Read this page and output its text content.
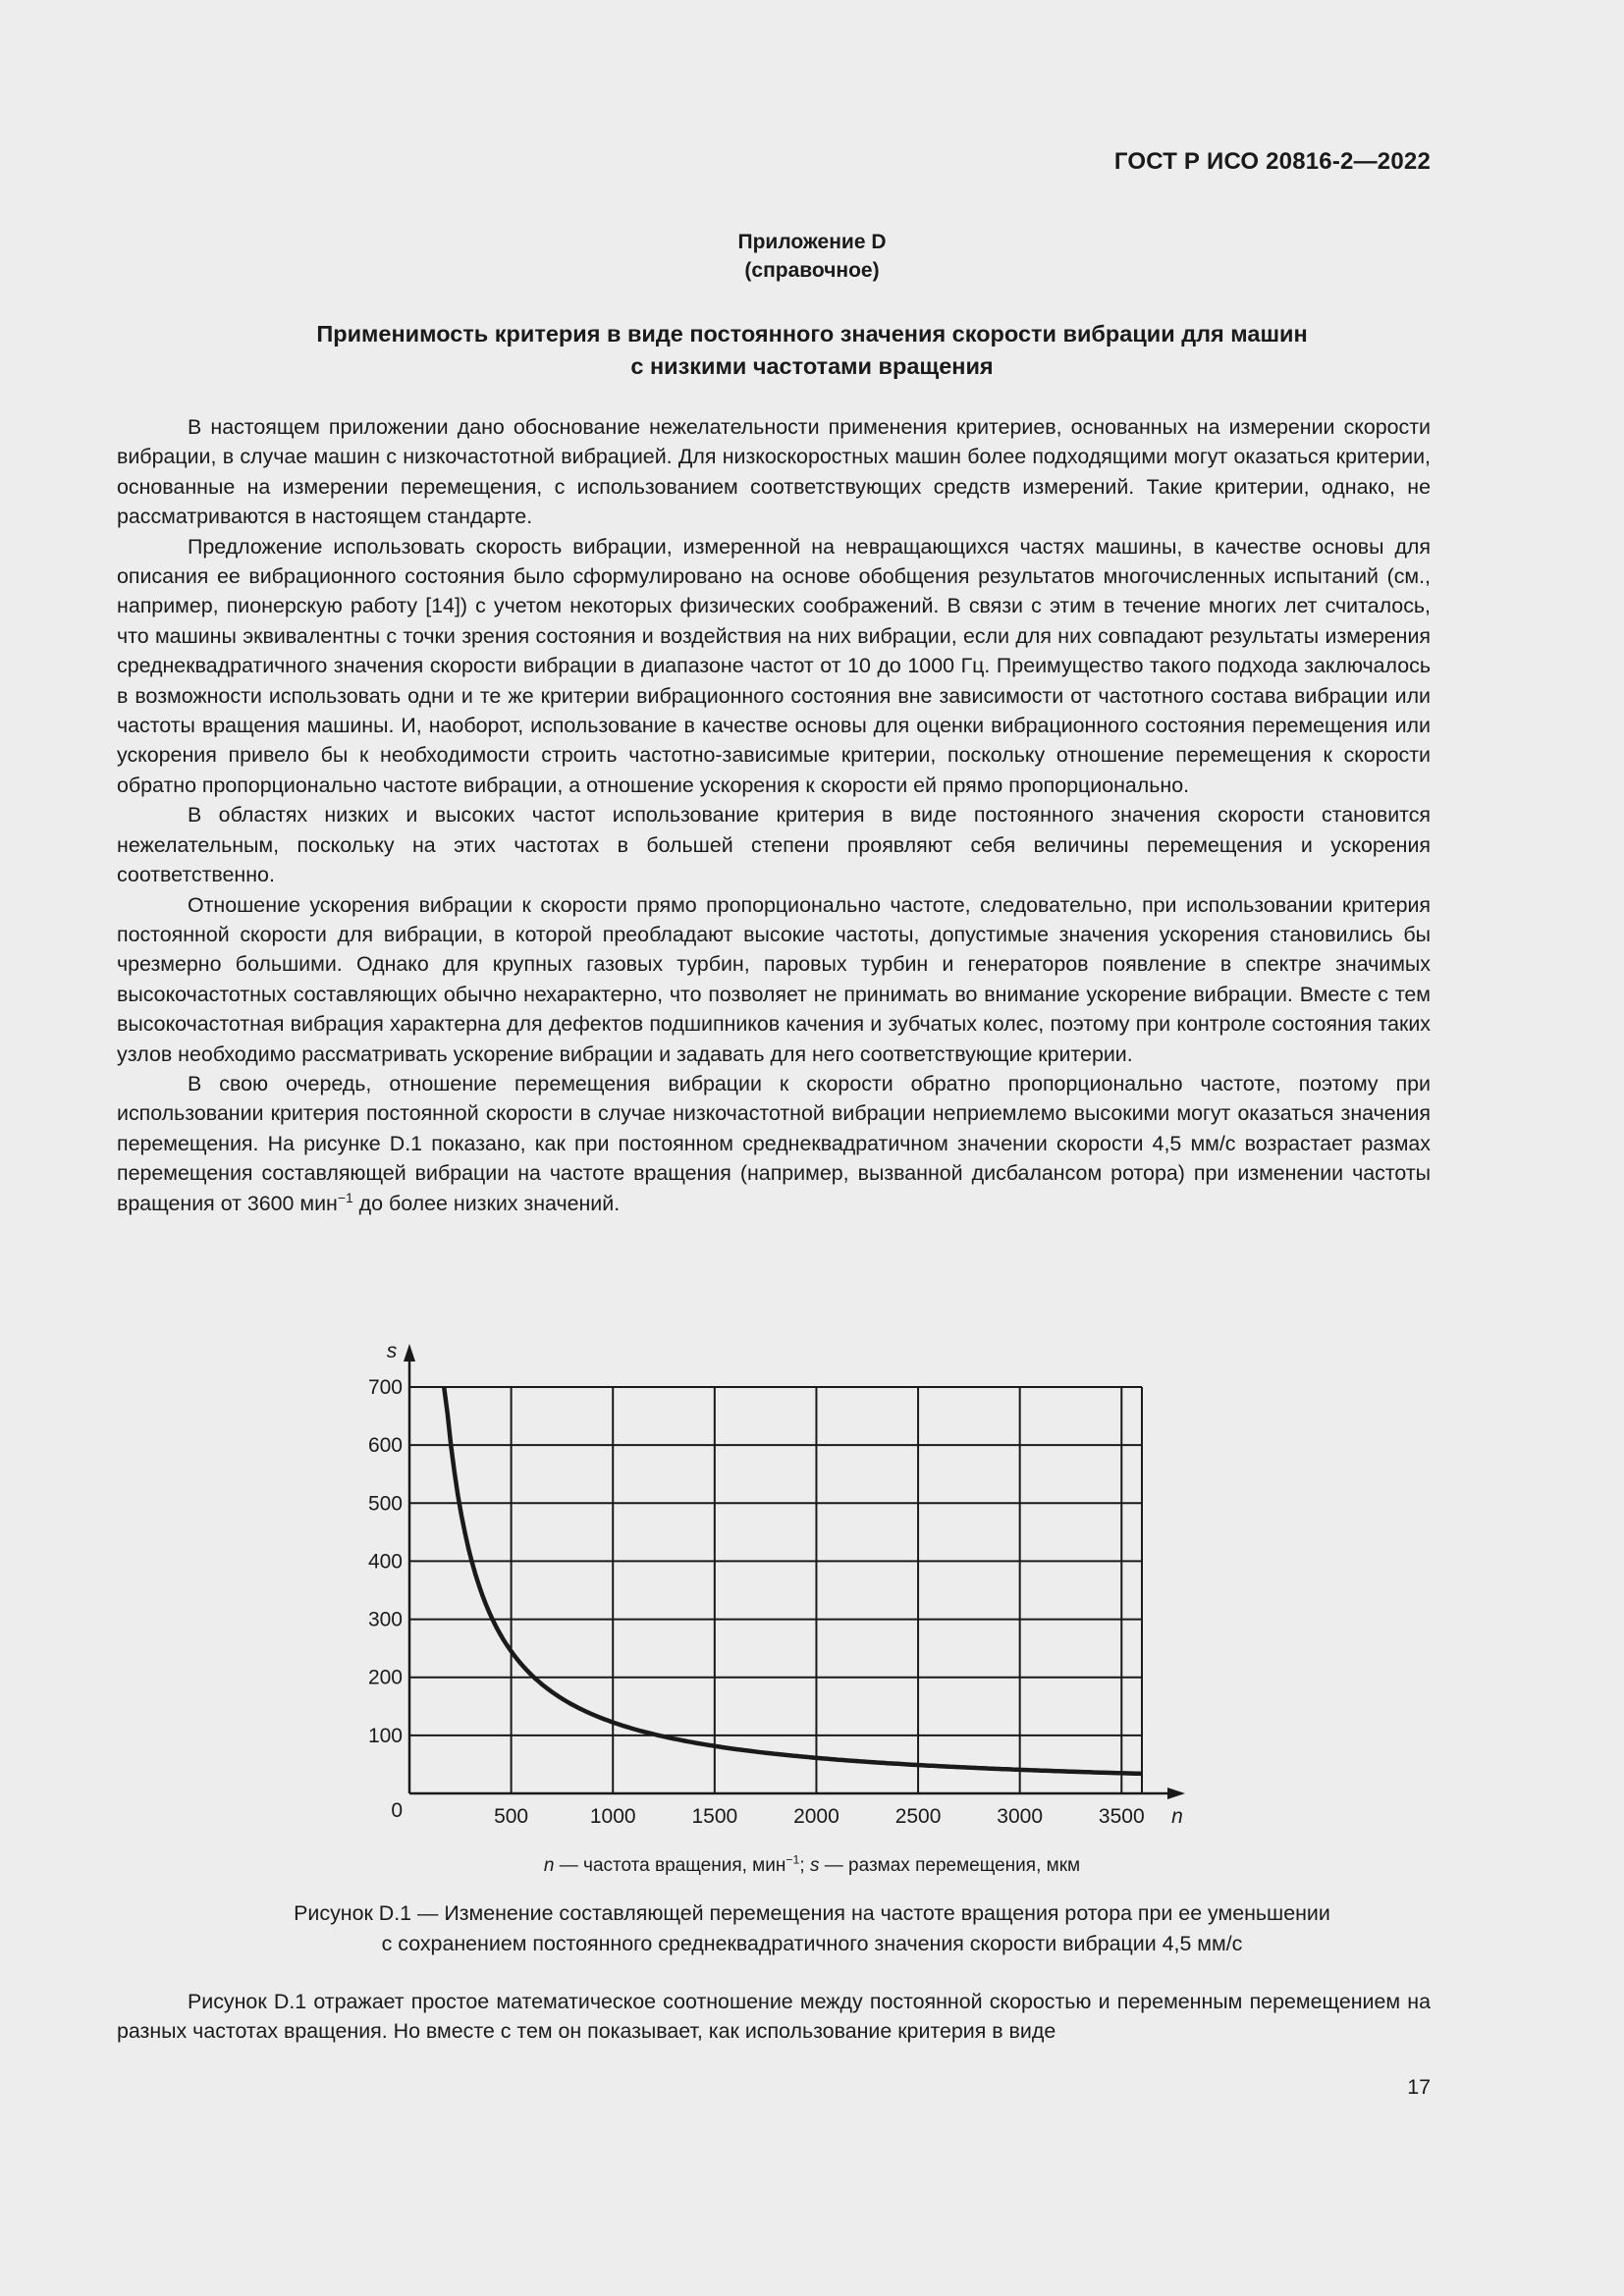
ГОСТ Р ИСО 20816-2—2022
Приложение D
(справочное)
Применимость критерия в виде постоянного значения скорости вибрации для машин
с низкими частотами вращения

В настоящем приложении дано обоснование нежелательности применения критериев, основанных на измерении скорости вибрации, в случае машин с низкочастотной вибрацией. Для низкоскоростных машин более подходящими могут оказаться критерии, основанные на измерении перемещения, с использованием соответствующих средств измерений. Такие критерии, однако, не рассматриваются в настоящем стандарте.

Предложение использовать скорость вибрации, измеренной на невращающихся частях машины, в качестве основы для описания ее вибрационного состояния было сформулировано на основе обобщения результатов многочисленных испытаний (см., например, пионерскую работу [14]) с учетом некоторых физических соображений. В связи с этим в течение многих лет считалось, что машины эквивалентны с точки зрения состояния и воздействия на них вибрации, если для них совпадают результаты измерения среднеквадратичного значения скорости вибрации в диапазоне частот от 10 до 1000 Гц. Преимущество такого подхода заключалось в возможности использовать одни и те же критерии вибрационного состояния вне зависимости от частотного состава вибрации или частоты вращения машины. И, наоборот, использование в качестве основы для оценки вибрационного состояния перемещения или ускорения привело бы к необходимости строить частотно-зависимые критерии, поскольку отношение перемещения к скорости обратно пропорционально частоте вибрации, а отношение ускорения к скорости ей прямо пропорционально.

В областях низких и высоких частот использование критерия в виде постоянного значения скорости становится нежелательным, поскольку на этих частотах в большей степени проявляют себя величины перемещения и ускорения соответственно.

Отношение ускорения вибрации к скорости прямо пропорционально частоте, следовательно, при использовании критерия постоянной скорости для вибрации, в которой преобладают высокие частоты, допустимые значения ускорения становились бы чрезмерно большими. Однако для крупных газовых турбин, паровых турбин и генераторов появление в спектре значимых высокочастотных составляющих обычно нехарактерно, что позволяет не принимать во внимание ускорение вибрации. Вместе с тем высокочастотная вибрация характерна для дефектов подшипников качения и зубчатых колес, поэтому при контроле состояния таких узлов необходимо рассматривать ускорение вибрации и задавать для него соответствующие критерии.

В свою очередь, отношение перемещения вибрации к скорости обратно пропорционально частоте, поэтому при использовании критерия постоянной скорости в случае низкочастотной вибрации неприемлемо высокими могут оказаться значения перемещения. На рисунке D.1 показано, как при постоянном среднеквадратичном значении скорости 4,5 мм/с возрастает размах перемещения составляющей вибрации на частоте вращения (например, вызванной дисбалансом ротора) при изменении частоты вращения от 3600 мин$^{-1}$ до более низких значений.

0
100
200
300
400
500
600
700
500	1000	1500	2000	2500	3000	3500
s
n
n — частота вращения, мин$^{-1}$; s — размах перемещения, мкм
Рисунок D.1 — Изменение составляющей перемещения на частоте вращения ротора при ее уменьшении
с сохранением постоянного среднеквадратичного значения скорости вибрации 4,5 мм/с

Рисунок D.1 отражает простое математическое соотношение между постоянной скоростью и переменным перемещением на разных частотах вращения. Но вместе с тем он показывает, как использование критерия в виде

17
